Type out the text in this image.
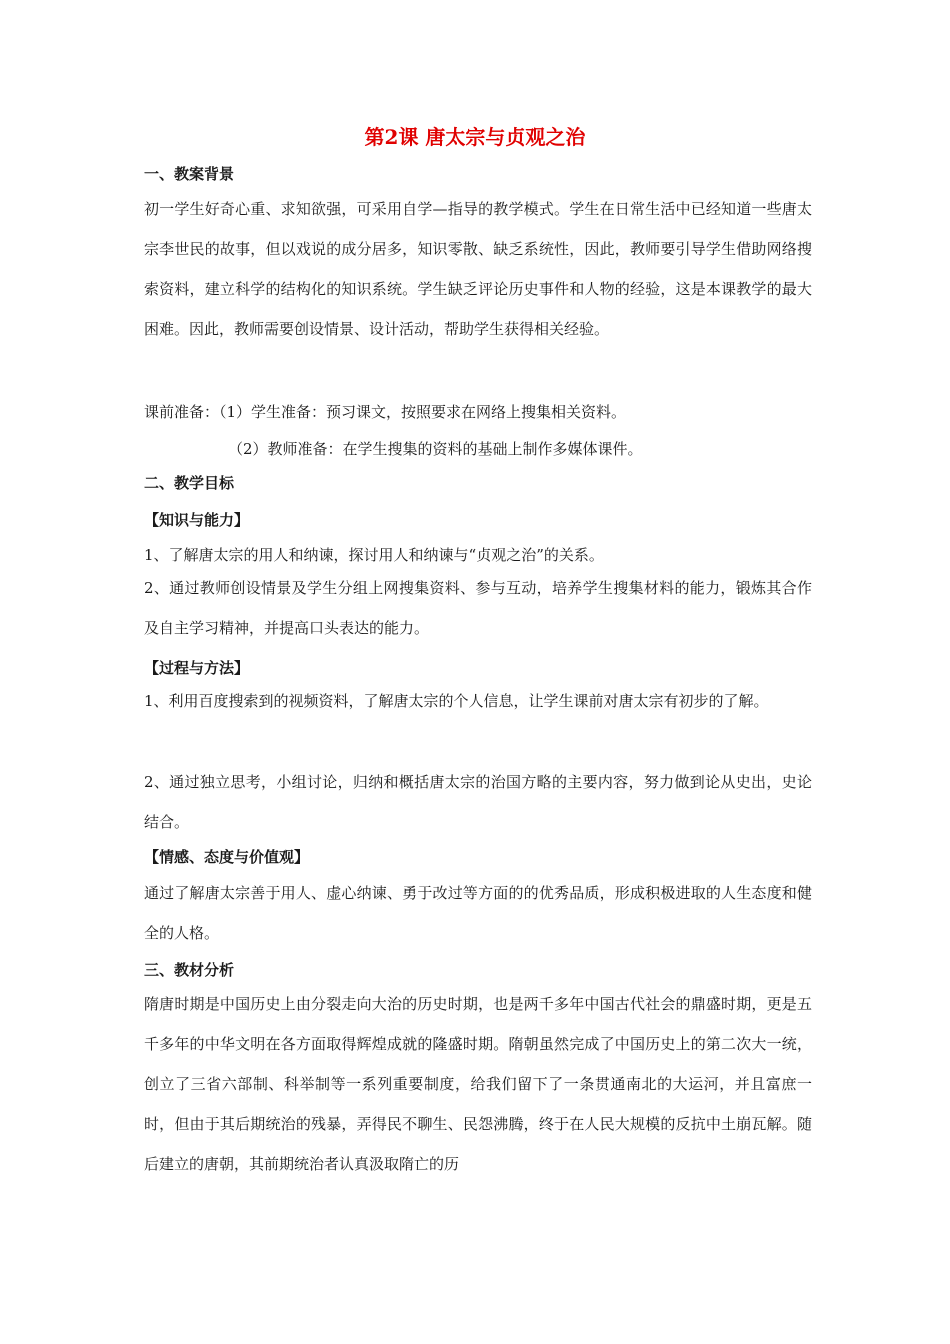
第2课 唐太宗与贞观之治
一、教案背景

初一学生好奇心重、求知欲强，可采用自学—指导的教学模式。学生在日常生活中已经知道一些唐太宗李世民的故事，但以戏说的成分居多，知识零散、缺乏系统性，因此，教师要引导学生借助网络搜索资料，建立科学的结构化的知识系统。学生缺乏评论历史事件和人物的经验，这是本课教学的最大困难。因此，教师需要创设情景、设计活动，帮助学生获得相关经验。

课前准备：（1）学生准备：预习课文，按照要求在网络上搜集相关资料。
（2）教师准备：在学生搜集的资料的基础上制作多媒体课件。
二、教学目标
【知识与能力】
1、了解唐太宗的用人和纳谏，探讨用人和纳谏与“贞观之治”的关系。

2、通过教师创设情景及学生分组上网搜集资料、参与互动，培养学生搜集材料的能力，锻炼其合作及自主学习精神，并提高口头表达的能力。

【过程与方法】

1、利用百度搜索到的视频资料，了解唐太宗的个人信息，让学生课前对唐太宗有初步的了解。

2、通过独立思考，小组讨论，归纳和概括唐太宗的治国方略的主要内容，努力做到论从史出，史论结合。

【情感、态度与价值观】

通过了解唐太宗善于用人、虚心纳谏、勇于改过等方面的的优秀品质，形成积极进取的人生态度和健全的人格。

三、教材分析

隋唐时期是中国历史上由分裂走向大治的历史时期，也是两千多年中国古代社会的鼎盛时期，更是五千多年的中华文明在各方面取得辉煌成就的隆盛时期。隋朝虽然完成了中国历史上的第二次大一统，创立了三省六部制、科举制等一系列重要制度，给我们留下了一条贯通南北的大运河，并且富庶一时，但由于其后期统治的残暴，弄得民不聊生、民怨沸腾，终于在人民大规模的反抗中土崩瓦解。随后建立的唐朝，其前期统治者认真汲取隋亡的历
